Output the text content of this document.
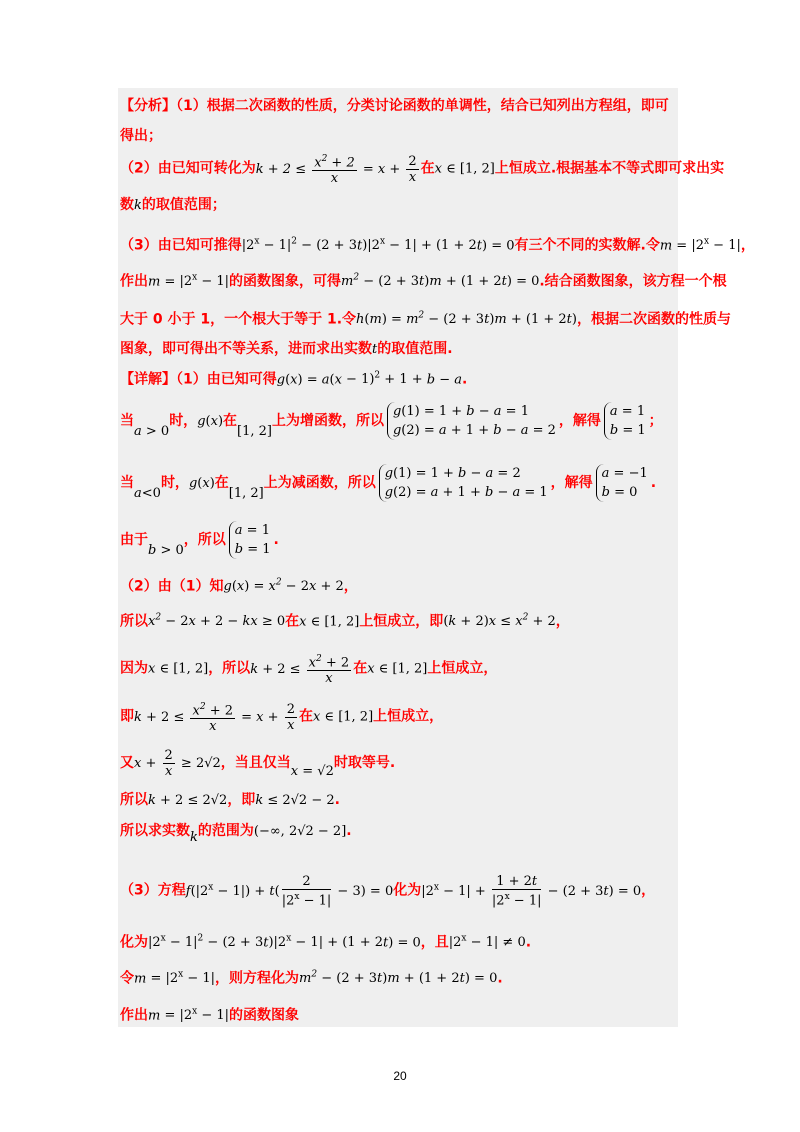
【分析】（1）根据二次函数的性质，分类讨论函数的单调性，结合已知列出方程组，即可
得出；
（2）由已知可转化为$k + 2 \le \frac{x^2 + 2}{x} = x + \frac{2}{x}$ 在x ∈ [1, 2]上恒成立.根据基本不等式即可求出实
数k的取值范围；
（3）由已知可推得$|2^x - 1|^2 - (2 + 3t)|2^x - 1| + (1 + 2t) = 0$有三个不同的实数解.令$m = |2^x - 1|$，
作出$m = |2^x - 1|$的函数图象，可得$m^2 - (2 + 3t)m + (1 + 2t) = 0$.结合函数图象，该方程一个根
大于 0 小于 1，一个根大于等于 1.令$h(m) = m^2 - (2 + 3t)m + (1 + 2t)$，根据二次函数的性质与
图象，即可得出不等关系，进而求出实数t的取值范围.
【详解】（1）由已知可得$g(x) = a(x - 1)^2 + 1 + b - a$.
当a > 0时，g(x)在[1, 2]上为增函数，所以
g(1) = 1 + b − a = 1
g(2) = a + 1 + b − a = 2
，解得
a = 1
b = 1
；
当a<0时，g(x)在[1, 2]上为减函数，所以
g(1) = 1 + b − a = 2
g(2) = a + 1 + b − a = 1
，解得
a = −1
b = 0
.
由于b > 0，所以
a = 1
b = 1
.
（2）由（1）知$g(x) = x^2 - 2x + 2$，
所以$x^2 - 2x + 2$ − kx ≥ 0在x ∈ [1, 2]上恒成立，即$(k + 2)x \le x^2 + 2$，
因为x ∈ [1, 2]，所以$k + 2 \le \frac{x^2 + 2}{x}$ 在x ∈ [1, 2]上恒成立，
即$k + 2 \le \frac{x^2 + 2}{x} = x + \frac{2}{x}$ 在x ∈ [1, 2]上恒成立，
又$x + \frac{2}{x} \ge 2√2$，当且仅当x = √2时取等号.
所以k + 2 ≤ 2√2，即k ≤ 2√2 − 2.
所以求实数k的范围为(−∞, 2√2 − 2].
（3）方程$f(|2^x - 1|) + t( \frac{2}{|2^x - 1|} - 3) = 0$化为$|2^x - 1| + \frac{1 + 2t}{|2^x - 1|} - (2 + 3t) = 0$，
化为$|2^x - 1|^2 - (2 + 3t)|2^x - 1| + (1 + 2t) = 0$，且$|2^x - 1| \ne 0$.
令$m = |2^x - 1|$，则方程化为$m^2 - (2 + 3t)m + (1 + 2t) = 0$.
作出$m = |2^x - 1|$的函数图象
20
